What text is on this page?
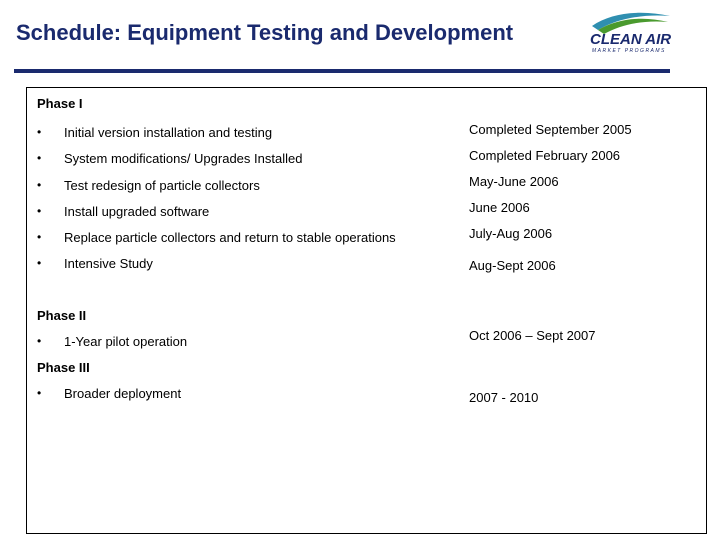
Schedule: Equipment Testing and Development	CLEAN AIR
MARKET PROGRAMS
Phase I
• Initial version installation and testing	Completed September 2005
• System modifications/ Upgrades Installed	Completed February 2006
• Test redesign of particle collectors	May-June 2006
• Install upgraded software	June 2006
• Replace particle collectors and return to stable operations	July-Aug 2006
• Intensive Study	Aug-Sept 2006
Phase II
• 1-Year pilot operation	Oct 2006 – Sept 2007
Phase III
• Broader deployment	2007 - 2010
